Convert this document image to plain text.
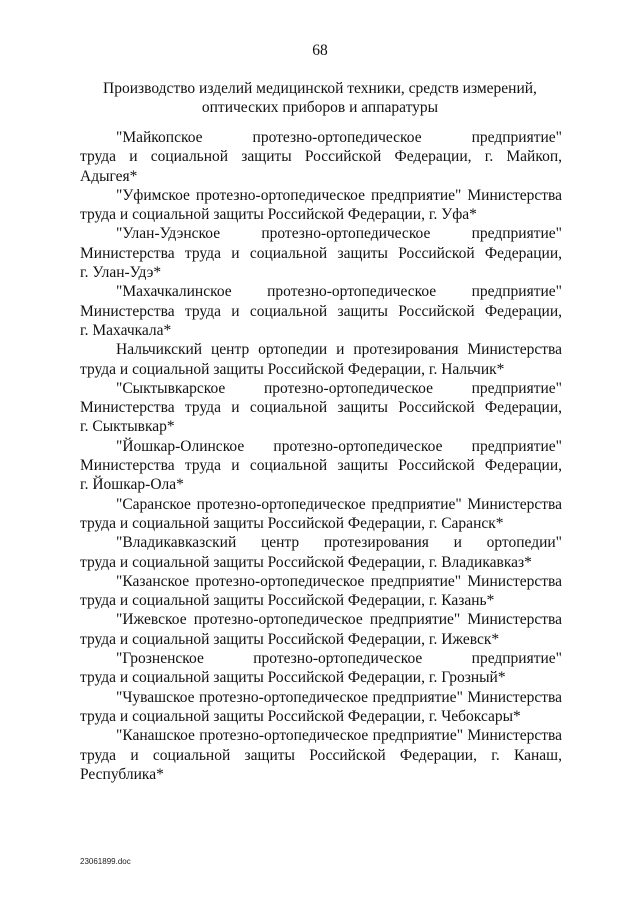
68
Производство изделий медицинской техники, средств измерений,
оптических приборов и аппаратуры
"Майкопское протезно-ортопедическое предприятие"
труда и социальной защиты Российской Федерации, г. Майкоп,
Адыгея*
"Уфимское протезно-ортопедическое предприятие" Министерства
труда и социальной защиты Российской Федерации, г. Уфа*
"Улан-Удэнское протезно-ортопедическое предприятие"
Министерства труда и социальной защиты Российской Федерации,
г. Улан-Удэ*
"Махачкалинское протезно-ортопедическое предприятие"
Министерства труда и социальной защиты Российской Федерации,
г. Махачкала*
Нальчикский центр ортопедии и протезирования Министерства
труда и социальной защиты Российской Федерации, г. Нальчик*
"Сыктывкарское протезно-ортопедическое предприятие"
Министерства труда и социальной защиты Российской Федерации,
г. Сыктывкар*
"Йошкар-Олинское протезно-ортопедическое предприятие"
Министерства труда и социальной защиты Российской Федерации,
г. Йошкар-Ола*
"Саранское протезно-ортопедическое предприятие" Министерства
труда и социальной защиты Российской Федерации, г. Саранск*
"Владикавказский центр протезирования и ортопедии"
труда и социальной защиты Российской Федерации, г. Владикавказ*
"Казанское протезно-ортопедическое предприятие" Министерства
труда и социальной защиты Российской Федерации, г. Казань*
"Ижевское протезно-ортопедическое предприятие" Министерства
труда и социальной защиты Российской Федерации, г. Ижевск*
"Грозненское протезно-ортопедическое предприятие"
труда и социальной защиты Российской Федерации, г. Грозный*
"Чувашское протезно-ортопедическое предприятие" Министерства
труда и социальной защиты Российской Федерации, г. Чебоксары*
"Канашское протезно-ортопедическое предприятие" Министерства
труда и социальной защиты Российской Федерации, г. Канаш,
Республика*
23061899.doc
